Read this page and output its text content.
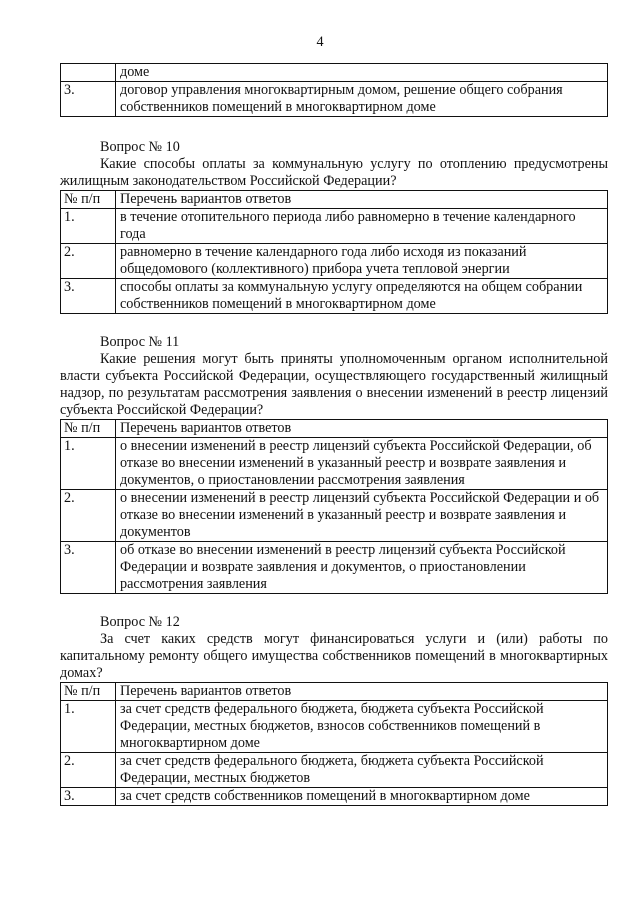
4
	доме
3.	договор управления многоквартирным домом, решение общего собрания собственников помещений в многоквартирном доме
Вопрос № 10
Какие способы оплаты за коммунальную услугу по отоплению предусмотрены жилищным законодательством Российской Федерации?
№ п/п	Перечень вариантов ответов
1.	в течение отопительного периода либо равномерно в течение календарного года
2.	равномерно в течение календарного года либо исходя из показаний общедомового (коллективного) прибора учета тепловой энергии
3.	способы оплаты за коммунальную услугу определяются на общем собрании собственников помещений в многоквартирном доме
Вопрос № 11
Какие решения могут быть приняты уполномоченным органом исполнительной власти субъекта Российской Федерации, осуществляющего государственный жилищный надзор, по результатам рассмотрения заявления о внесении изменений в реестр лицензий субъекта Российской Федерации?
№ п/п	Перечень вариантов ответов
1.	о внесении изменений в реестр лицензий субъекта Российской Федерации, об отказе во внесении изменений в указанный реестр и возврате заявления и документов, о приостановлении рассмотрения заявления
2.	о внесении изменений в реестр лицензий субъекта Российской Федерации и об отказе во внесении изменений в указанный реестр и возврате заявления и документов
3.	об отказе во внесении изменений в реестр лицензий субъекта Российской Федерации и возврате заявления и документов, о приостановлении рассмотрения заявления
Вопрос № 12
За счет каких средств могут финансироваться услуги и (или) работы по капитальному ремонту общего имущества собственников помещений в многоквартирных домах?
№ п/п	Перечень вариантов ответов
1.	за счет средств федерального бюджета, бюджета субъекта Российской Федерации, местных бюджетов, взносов собственников помещений в многоквартирном доме
2.	за счет средств федерального бюджета, бюджета субъекта Российской Федерации, местных бюджетов
3.	за счет средств собственников помещений в многоквартирном доме
